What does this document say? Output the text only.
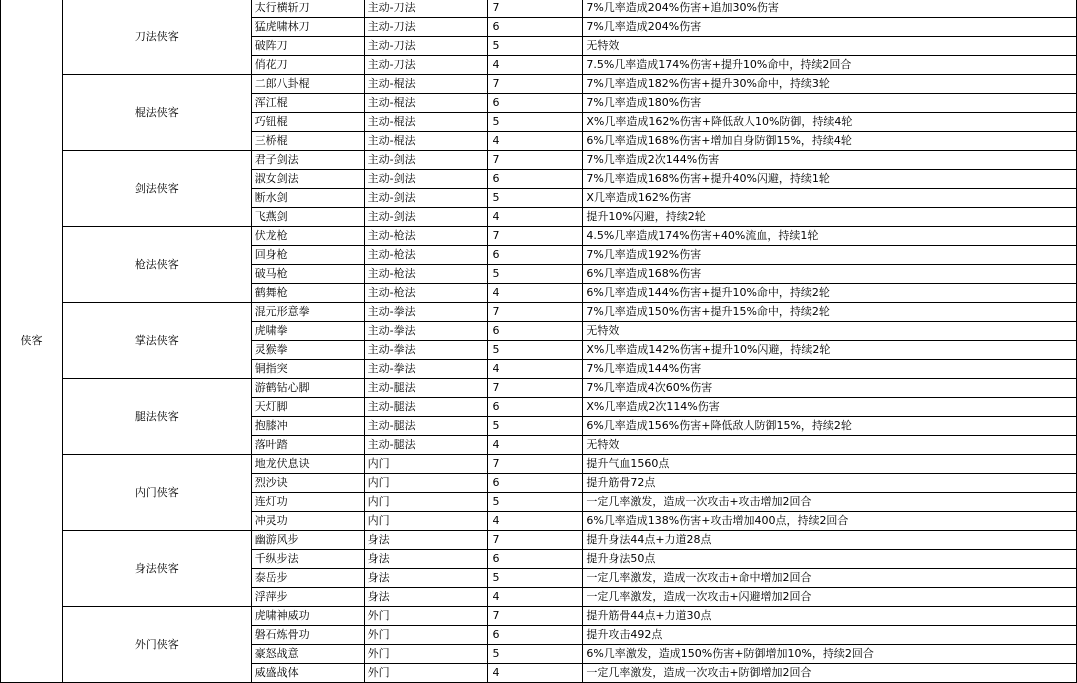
侠客	刀法侠客	太行横斩刀	主动-刀法	7	7%几率造成204%伤害+追加30%伤害
		猛虎啸林刀	主动-刀法	6	7%几率造成204%伤害
		破阵刀	主动-刀法	5	无特效
		俏花刀	主动-刀法	4	7.5%几率造成174%伤害+提升10%命中，持续2回合
	棍法侠客	二郎八卦棍	主动-棍法	7	7%几率造成182%伤害+提升30%命中，持续3轮
		浑江棍	主动-棍法	6	7%几率造成180%伤害
		巧钮棍	主动-棍法	5	X%几率造成162%伤害+降低敌人10%防御，持续4轮
		三桥棍	主动-棍法	4	6%几率造成168%伤害+增加自身防御15%，持续4轮
	剑法侠客	君子剑法	主动-剑法	7	7%几率造成2次144%伤害
		淑女剑法	主动-剑法	6	7%几率造成168%伤害+提升40%闪避，持续1轮
		断水剑	主动-剑法	5	X几率造成162%伤害
		飞燕剑	主动-剑法	4	提升10%闪避，持续2轮
	枪法侠客	伏龙枪	主动-枪法	7	4.5%几率造成174%伤害+40%流血，持续1轮
		回身枪	主动-枪法	6	7%几率造成192%伤害
		破马枪	主动-枪法	5	6%几率造成168%伤害
		鹤舞枪	主动-枪法	4	6%几率造成144%伤害+提升10%命中，持续2轮
	掌法侠客	混元形意拳	主动-拳法	7	7%几率造成150%伤害+提升15%命中，持续2轮
		虎啸拳	主动-拳法	6	无特效
		灵猴拳	主动-拳法	5	X%几率造成142%伤害+提升10%闪避，持续2轮
		铜指突	主动-拳法	4	7%几率造成144%伤害
	腿法侠客	游鹤钻心脚	主动-腿法	7	7%几率造成4次60%伤害
		天灯脚	主动-腿法	6	X%几率造成2次114%伤害
		抱膝冲	主动-腿法	5	6%几率造成156%伤害+降低敌人防御15%，持续2轮
		落叶踏	主动-腿法	4	无特效
	内门侠客	地龙伏息诀	内门	7	提升气血1560点
		烈沙诀	内门	6	提升筋骨72点
		连灯功	内门	5	一定几率激发，造成一次攻击+攻击增加2回合
		冲灵功	内门	4	6%几率造成138%伤害+攻击增加400点，持续2回合
	身法侠客	幽游风步	身法	7	提升身法44点+力道28点
		千纵步法	身法	6	提升身法50点
		泰岳步	身法	5	一定几率激发，造成一次攻击+命中增加2回合
		浮萍步	身法	4	一定几率激发，造成一次攻击+闪避增加2回合
	外门侠客	虎啸神威功	外门	7	提升筋骨44点+力道30点
		磐石炼骨功	外门	6	提升攻击492点
		豪怒战意	外门	5	6%几率激发，造成150%伤害+防御增加10%，持续2回合
		威盛战体	外门	4	一定几率激发，造成一次攻击+防御增加2回合
